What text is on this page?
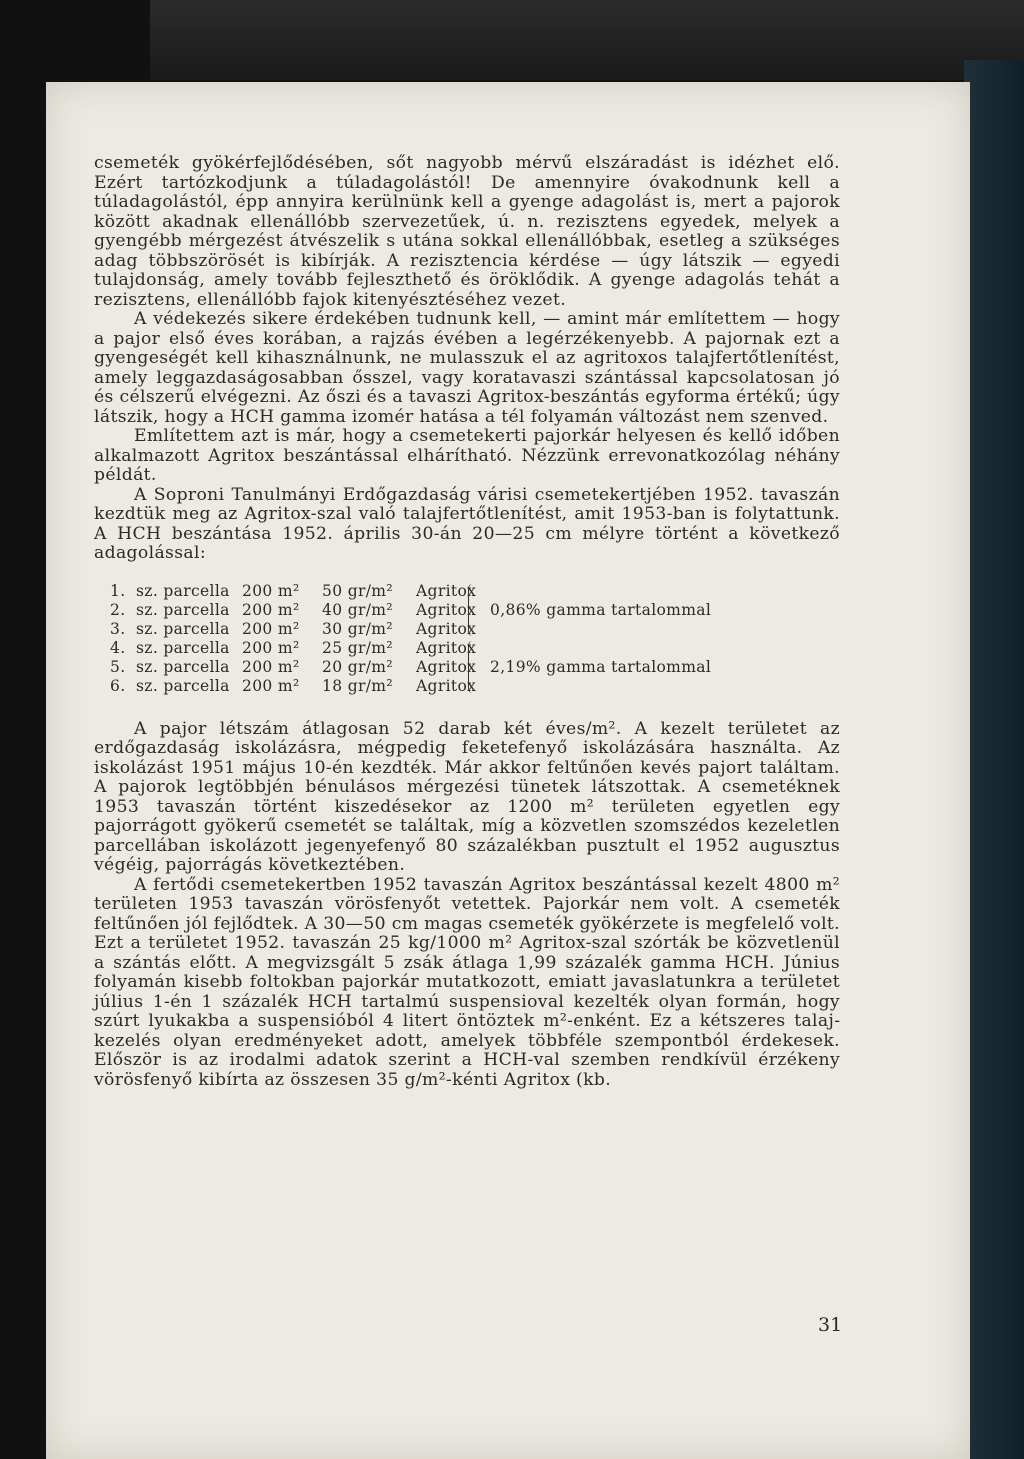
csemeték gyökérfejlődésében, sőt nagyobb mérvű elszáradást is idézhet elő. Ezért tartózkodjunk a túladagolástól! De amennyire óvakodnunk kell a túladagolástól, épp annyira kerülnünk kell a gyenge adagolást is, mert a pajorok között akadnak ellenállóbb szervezetűek, ú. n. rezisztens egyedek, melyek a gyengébb mérgezést átvészelik s utána sokkal ellenállóbbak, esetleg a szükséges adag többszörösét is kibírják. A rezisztencia kérdése — úgy látszik — egyedi tulajdonság, amely tovább fejleszthető és öröklődik. A gyenge adagolás tehát a rezisztens, ellenállóbb fajok kitenyésztéséhez vezet.

A védekezés sikere érdekében tudnunk kell, — amint már említettem — hogy a pajor első éves korában, a rajzás évében a legérzékenyebb. A pajornak ezt a gyengeségét kell kihasználnunk, ne mulasszuk el az agritoxos talajfertőtlenítést, amely leggazdaságosabban ősszel, vagy koratavaszi szántással kapcsolatosan jó és célszerű elvégezni. Az őszi és a tavaszi Agritox-beszántás egyforma értékű; úgy látszik, hogy a HCH gamma izomér hatása a tél folyamán változást nem szenved.

Említettem azt is már, hogy a csemetekerti pajorkár helyesen és kellő időben alkalmazott Agritox beszántással elhárítható. Nézzünk errevonatkozólag néhány példát.

A Soproni Tanulmányi Erdőgazdaság várisi csemetekertjében 1952. tavaszán kezdtük meg az Agritox-szal való talajfertőtlenítést, amit 1953-ban is folytattunk. A HCH beszántása 1952. április 30-án 20—25 cm mélyre történt a következő adagolással:

1. sz. parcella 200 m² 50 gr/m² Agritox
2. sz. parcella 200 m² 40 gr/m² Agritox
3. sz. parcella 200 m² 30 gr/m² Agritox
4. sz. parcella 200 m² 25 gr/m² Agritox
5. sz. parcella 200 m² 20 gr/m² Agritox
6. sz. parcella 200 m² 18 gr/m² Agritox
0,86% gamma tartalommal
2,19% gamma tartalommal

A pajor létszám átlagosan 52 darab két éves/m². A kezelt területet az erdőgazdaság iskolázásra, mégpedig feketefenyő iskolázására használta. Az iskolázást 1951 május 10-én kezdték. Már akkor feltűnően kevés pajort találtam. A pajorok legtöbbjén bénulásos mérgezési tünetek látszottak. A csemetéknek 1953 tavaszán történt kiszedésekor az 1200 m² területen egyetlen egy pajorrágott gyökerű csemetét se találtak, míg a közvetlen szomszédos kezeletlen parcellában iskolázott jegenyefenyő 80 százalékban pusztult el 1952 augusztus végéig, pajorrágás következtében.

A fertődi csemetekertben 1952 tavaszán Agritox beszántással kezelt 4800 m² területen 1953 tavaszán vörösfenyőt vetettek. Pajorkár nem volt. A csemeték feltűnően jól fejlődtek. A 30—50 cm magas csemeték gyökérzete is megfelelő volt. Ezt a területet 1952. tavaszán 25 kg/1000 m² Agritox-szal szórták be közvetlenül a szántás előtt. A megvizsgált 5 zsák átlaga 1,99 százalék gamma HCH. Június folyamán kisebb foltokban pajorkár mutatkozott, emiatt javaslatunkra a területet július 1-én 1 százalék HCH tartalmú suspensioval kezelték olyan formán, hogy szúrt lyukakba a suspensióból 4 litert öntöztek m²-enként. Ez a kétszeres talajkezelés olyan eredményeket adott, amelyek többféle szempontból érdekesek. Először is az irodalmi adatok szerint a HCH-val szemben rendkívül érzékeny vörösfenyő kibírta az összesen 35 g/m²-kénti Agritox (kb.

31
